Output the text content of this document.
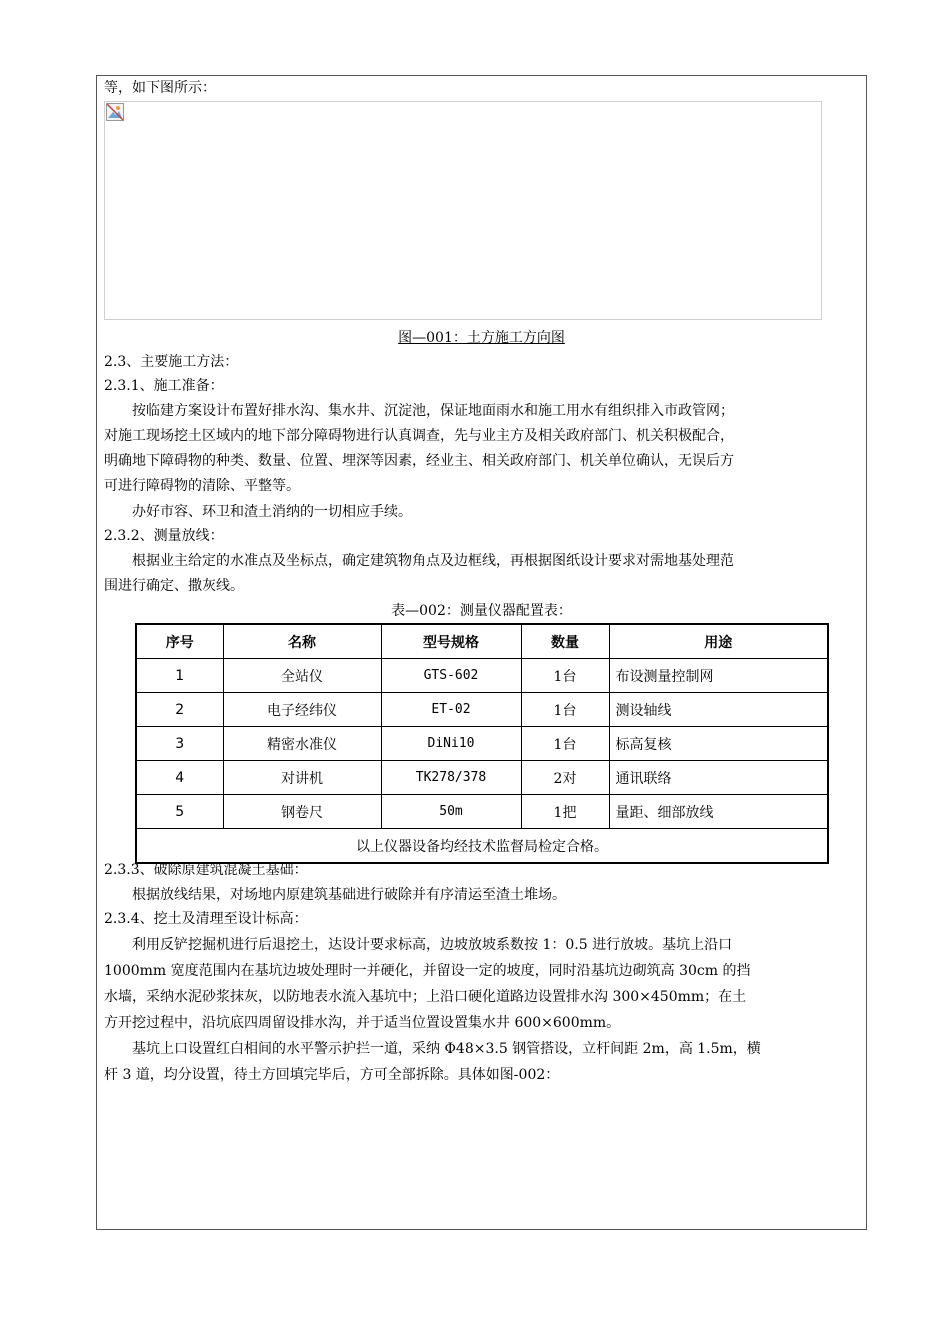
等，如下图所示：
图—001：土方施工方向图
2.3、主要施工方法：
2.3.1、施工准备：
按临建方案设计布置好排水沟、集水井、沉淀池，保证地面雨水和施工用水有组织排入市政管网；
对施工现场挖土区域内的地下部分障碍物进行认真调查，先与业主方及相关政府部门、机关积极配合，
明确地下障碍物的种类、数量、位置、埋深等因素，经业主、相关政府部门、机关单位确认，无误后方
可进行障碍物的清除、平整等。
办好市容、环卫和渣土消纳的一切相应手续。
2.3.2、测量放线：
根据业主给定的水准点及坐标点，确定建筑物角点及边框线，再根据图纸设计要求对需地基处理范
围进行确定、撒灰线。
表—002：测量仪器配置表：
序号	名称	型号规格	数量	用途
1	全站仪	GTS-602	1台	布设测量控制网
2	电子经纬仪	ET-02	1台	测设轴线
3	精密水准仪	DiNi10	1台	标高复核
4	对讲机	TK278/378	2对	通讯联络
5	钢卷尺	50m	1把	量距、细部放线
以上仪器设备均经技术监督局检定合格。				
2.3.3、破除原建筑混凝土基础：
根据放线结果，对场地内原建筑基础进行破除并有序清运至渣土堆场。
2.3.4、挖土及清理至设计标高：
利用反铲挖掘机进行后退挖土，达设计要求标高，边坡放坡系数按 1：0.5 进行放坡。基坑上沿口
1000mm 宽度范围内在基坑边坡处理时一并硬化，并留设一定的坡度，同时沿基坑边砌筑高 30cm 的挡
水墙，采纳水泥砂浆抹灰，以防地表水流入基坑中；上沿口硬化道路边设置排水沟 300×450mm；在土
方开挖过程中，沿坑底四周留设排水沟，并于适当位置设置集水井 600×600mm。
基坑上口设置红白相间的水平警示护拦一道，采纳 Φ48×3.5 钢管搭设，立杆间距 2m，高 1.5m，横
杆 3 道，均分设置，待土方回填完毕后，方可全部拆除。具体如图-002：
